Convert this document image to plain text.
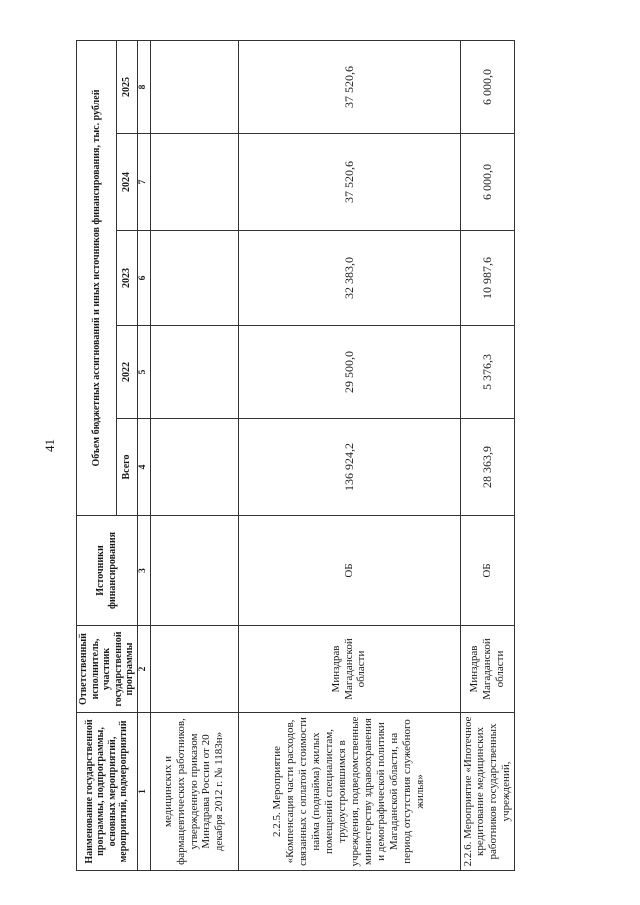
41
Наименование государственной программы, подпрограммы, основных мероприятий, мероприятий, подмероприятий	Ответственный исполнитель, участник государственной программы	Источники финансирования	Объем бюджетных ассигнований и иных источников финансирования, тыс. рублей				
			Всего	2022	2023	2024	2025
1	2	3	4	5	6	7	8
медицинских и фармацевтических работников, утвержденную приказом Минздрава России от 20 декабря 2012 г. № 1183н»							
2.2.5. Мероприятие «Компенсация части расходов, связанных с оплатой стоимости найма (поднайма) жилых помещений специалистам, трудоустроившимся в учреждения, подведомственные министерству здравоохранения и демографической политики Магаданской области, на период отсутствия служебного жилья»	Минздрав Магаданской области	ОБ	136 924,2	29 500,0	32 383,0	37 520,6	37 520,6
2.2.6. Мероприятие «Ипотечное кредитование медицинских работников государственных учреждений,	Минздрав Магаданской области	ОБ	28 363,9	5 376,3	10 987,6	6 000,0	6 000,0
